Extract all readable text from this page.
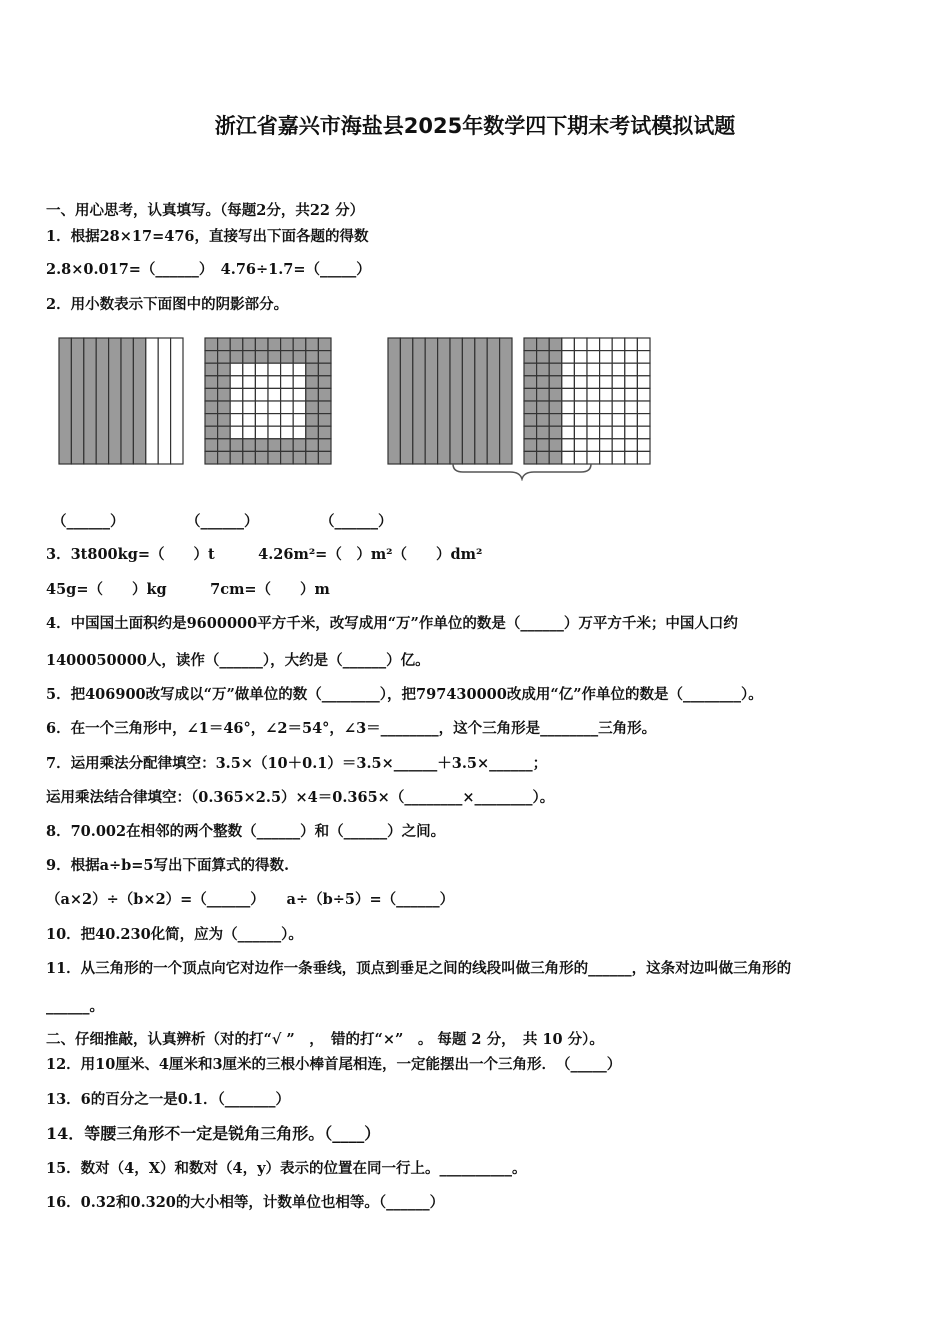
浙江省嘉兴市海盐县2025年数学四下期末考试模拟试题
一、用心思考，认真填写。（每题2分，共22 分）
1．根据28×17=476，直接写出下面各题的得数
2.8×0.017=（______）　4.76÷1.7=（_____）
2．用小数表示下面图中的阴影部分。
（______）	（______）	（______）
3．3t800kg=（　　）t　　　4.26m²=（　）m²（　　）dm²
45g=（　　）kg　　　7cm=（　　）m
4．中国国土面积约是9600000平方千米，改写成用“万”作单位的数是（______）万平方千米；中国人口约
1400050000人，读作（______），大约是（______）亿。
5．把406900改写成以“万”做单位的数（________），把797430000改成用“亿”作单位的数是（________）。
6．在一个三角形中，∠1＝46°，∠2＝54°，∠3＝________，这个三角形是________三角形。
7．运用乘法分配律填空：3.5×（10＋0.1）＝3.5×______＋3.5×______；
运用乘法结合律填空：（0.365×2.5）×4＝0.365×（________×________）。
8．70.002在相邻的两个整数（______）和（______）之间。
9．根据a÷b=5写出下面算式的得数.
（a×2）÷（b×2）=（______）　　a÷（b÷5）=（______）
10．把40.230化简，应为（______）。
11．从三角形的一个顶点向它对边作一条垂线，顶点到垂足之间的线段叫做三角形的______，这条对边叫做三角形的
______。
二、仔细推敲，认真辨析（对的打“√ ”　，　错的打“×”　。 每题 2 分，　共 10 分）。
12．用10厘米、4厘米和3厘米的三根小棒首尾相连，一定能摆出一个三角形．　（_____）
13．6的百分之一是0.1．（_______）
14．等腰三角形不一定是锐角三角形。（____）
15．数对（4，X）和数对（4，y）表示的位置在同一行上。__________。
16．0.32和0.320的大小相等，计数单位也相等。（______）
